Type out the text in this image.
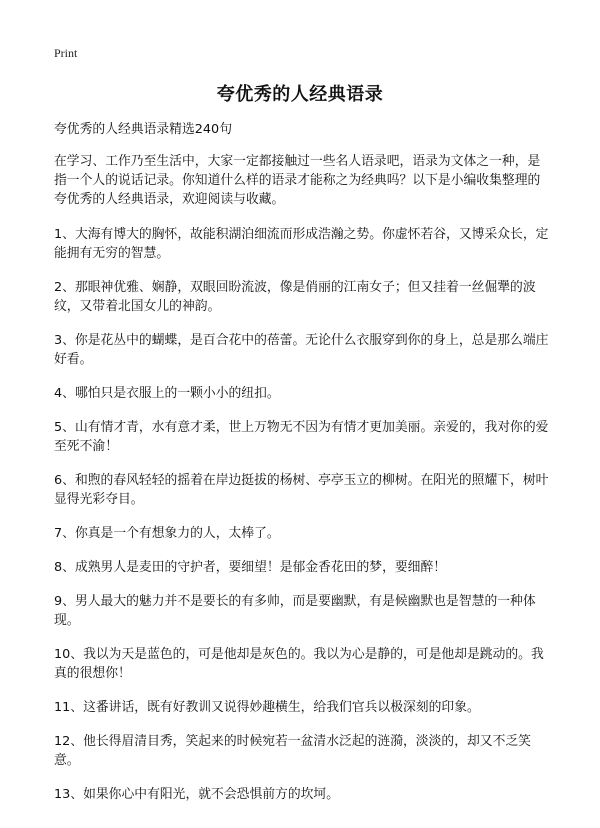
Print
夸优秀的人经典语录

夸优秀的人经典语录精选240句

在学习、工作乃至生活中，大家一定都接触过一些名人语录吧，语录为文体之一种，是指一个人的说话记录。你知道什么样的语录才能称之为经典吗？以下是小编收集整理的夸优秀的人经典语录，欢迎阅读与收藏。

1、大海有博大的胸怀，故能积湖泊细流而形成浩瀚之势。你虚怀若谷，又博采众长，定能拥有无穷的智慧。

2、那眼神优雅、娴静，双眼回盼流波，像是俏丽的江南女子；但又挂着一丝倔犟的波纹，又带着北国女儿的神韵。

3、你是花丛中的蝴蝶，是百合花中的蓓蕾。无论什么衣服穿到你的身上，总是那么端庄好看。

4、哪怕只是衣服上的一颗小小的纽扣。

5、山有情才青，水有意才柔，世上万物无不因为有情才更加美丽。亲爱的，我对你的爱至死不渝！

6、和煦的春风轻轻的摇着在岸边挺拔的杨树、亭亭玉立的柳树。在阳光的照耀下，树叶显得光彩夺目。

7、你真是一个有想象力的人，太棒了。

8、成熟男人是麦田的守护者，要细望！是郁金香花田的梦，要细醉！

9、男人最大的魅力并不是要长的有多帅，而是要幽默，有是候幽默也是智慧的一种体现。

10、我以为天是蓝色的，可是他却是灰色的。我以为心是静的，可是他却是跳动的。我真的很想你！

11、这番讲话，既有好教训又说得妙趣横生，给我们官兵以极深刻的印象。

12、他长得眉清目秀，笑起来的时候宛若一盆清水泛起的涟漪，淡淡的，却又不乏笑意。

13、如果你心中有阳光，就不会恐惧前方的坎坷。
